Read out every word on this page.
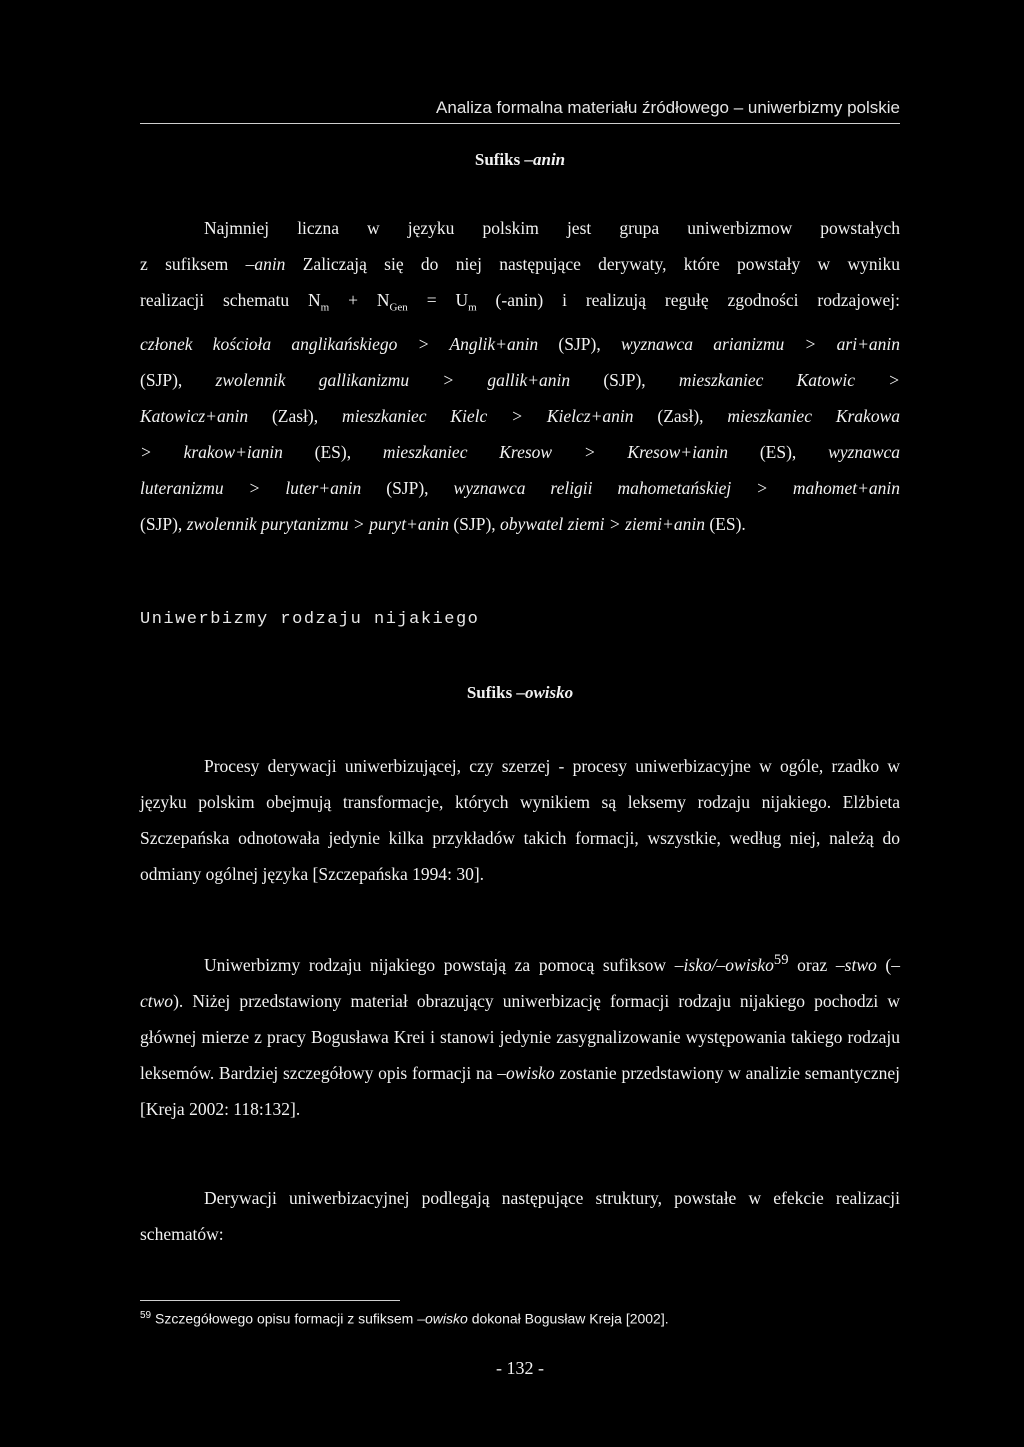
Analiza formalna materiału źródłowego – uniwerbizmy polskie
Sufiks –anin
Najmniej liczna w języku polskim jest grupa uniwerbizmow powstałych
z sufiksem –anin Zaliczają się do niej następujące derywaty, które powstały w wyniku
realizacji schematu $N_m + N_{Gen} = U_m$ (-anin) i realizują regułę zgodności rodzajowej:
członek kościoła anglikańskiego > Anglik+anin (SJP), wyznawca arianizmu > ari+anin
(SJP), zwolennik gallikanizmu > gallik+anin (SJP), mieszkaniec Katowic >
Katowicz+anin (Zasł), mieszkaniec Kielc > Kielcz+anin (Zasł), mieszkaniec Krakowa
> krakow+ianin (ES), mieszkaniec Kresow > Kresow+ianin (ES), wyznawca
luteranizmu > luter+anin (SJP), wyznawca religii mahometańskiej > mahomet+anin
(SJP), zwolennik purytanizmu > puryt+anin (SJP), obywatel ziemi > ziemi+anin (ES).
Uniwerbizmy rodzaju nijakiego
Sufiks –owisko
Procesy derywacji uniwerbizującej, czy szerzej - procesy uniwerbizacyjne w ogóle, rzadko w języku polskim obejmują transformacje, których wynikiem są leksemy rodzaju nijakiego. Elżbieta Szczepańska odnotowała jedynie kilka przykładów takich formacji, wszystkie, według niej, należą do odmiany ogólnej języka [Szczepańska 1994: 30].
Uniwerbizmy rodzaju nijakiego powstają za pomocą sufiksow –isko/–owisko$^{59}$ oraz –stwo (–ctwo). Niżej przedstawiony materiał obrazujący uniwerbizację formacji rodzaju nijakiego pochodzi w głównej mierze z pracy Bogusława Krei i stanowi jedynie zasygnalizowanie występowania takiego rodzaju leksemów. Bardziej szczegółowy opis formacji na –owisko zostanie przedstawiony w analizie semantycznej [Kreja 2002: 118:132].
Derywacji uniwerbizacyjnej podlegają następujące struktury, powstałe w efekcie realizacji schematów:
$^{59}$ Szczegółowego opisu formacji z sufiksem –owisko dokonał Bogusław Kreja [2002].
- 132 -
